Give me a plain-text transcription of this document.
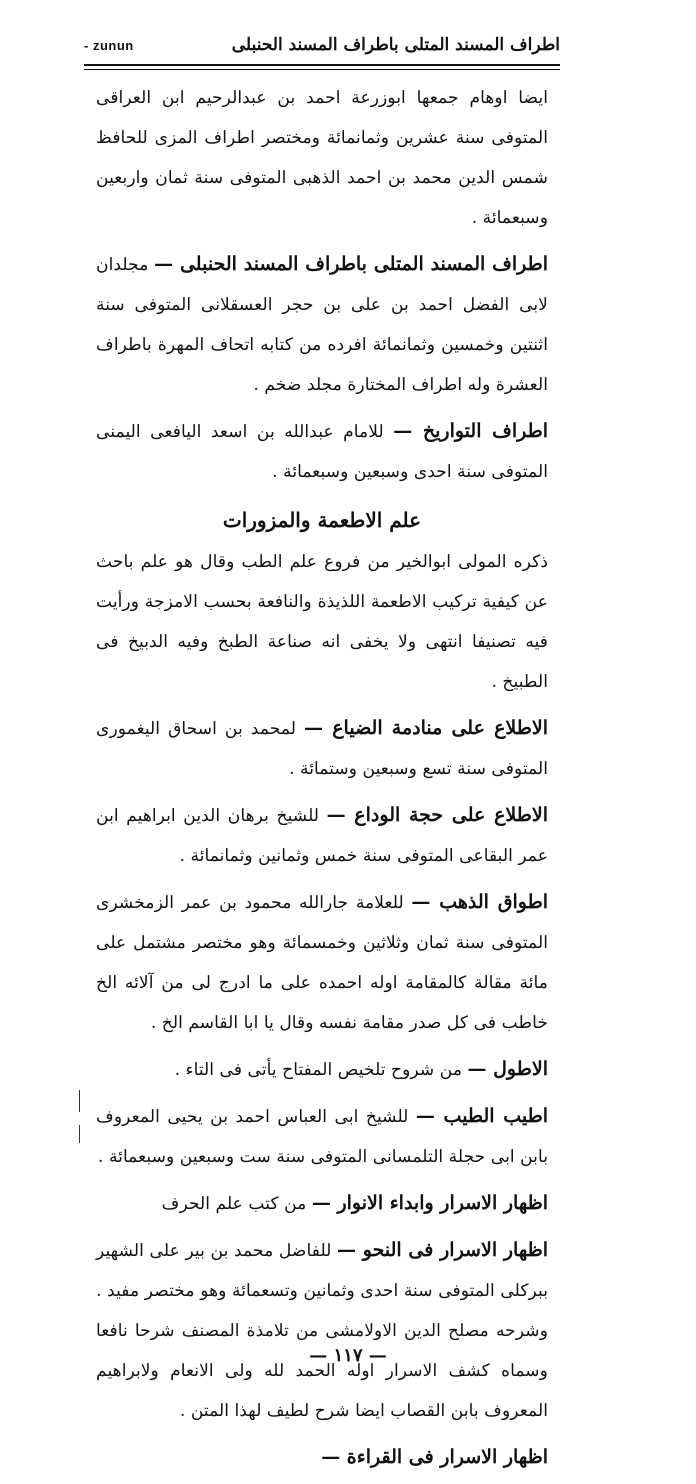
- zunun	اطراف المسند المتلى باطراف المسند الحنبلى

ايضا اوهام جمعها ابوزرعة احمد بن عبدالرحيم ابن العراقى المتوفى سنة عشرين وثمانمائة ومختصر اطراف المزى للحافظ شمس الدين محمد بن احمد الذهبى المتوفى سنة ثمان واربعين وسبعمائة .

اطراف المسند المتلى باطراف المسند الحنبلى — مجلدان لابى الفضل احمد بن على بن حجر العسقلانى المتوفى سنة اثنتين وخمسين وثمانمائة افرده من كتابه اتحاف المهرة باطراف العشرة وله اطراف المختارة مجلد ضخم .

اطراف التواريخ — للامام عبدالله بن اسعد اليافعى اليمنى المتوفى سنة احدى وسبعين وسبعمائة .

علم الاطعمة والمزورات

ذكره المولى ابوالخير من فروع علم الطب وقال هو علم باحث عن كيفية تركيب الاطعمة اللذيذة والنافعة بحسب الامزجة ورأيت فيه تصنيفا انتهى ولا يخفى انه صناعة الطبخ وفيه الدبيخ فى الطبيخ .

الاطلاع على منادمة الضياع — لمحمد بن اسحاق اليغمورى المتوفى سنة تسع وسبعين وستمائة .

الاطلاع على حجة الوداع — للشيخ برهان الدين ابراهيم ابن عمر البقاعى المتوفى سنة خمس وثمانين وثمانمائة .

اطواق الذهب — للعلامة جارالله محمود بن عمر الزمخشرى المتوفى سنة ثمان وثلاثين وخمسمائة وهو مختصر مشتمل على مائة مقالة كالمقامة اوله احمده على ما ادرج لى من آلائه الخ خاطب فى كل صدر مقامة نفسه وقال يا ابا القاسم الخ .

الاطول — من شروح تلخيص المفتاح يأتى فى التاء .

اطيب الطيب — للشيخ ابى العباس احمد بن يحيى المعروف بابن ابى حجلة التلمسانى المتوفى سنة ست وسبعين وسبعمائة .

اظهار الاسرار وابداء الانوار — من كتب علم الحرف

اظهار الاسرار فى النحو — للفاضل محمد بن بير على الشهير ببركلى المتوفى سنة احدى وثمانين وتسعمائة وهو مختصر مفيد . وشرحه مصلح الدين الاولامشى من تلامذة المصنف شرحا نافعا وسماه كشف الاسرار اوله الحمد لله ولى الانعام ولابراهيم المعروف بابن القصاب ايضا شرح لطيف لهذا المتن .

اظهار الاسرار فى القراءة —

— ١١٧ —
